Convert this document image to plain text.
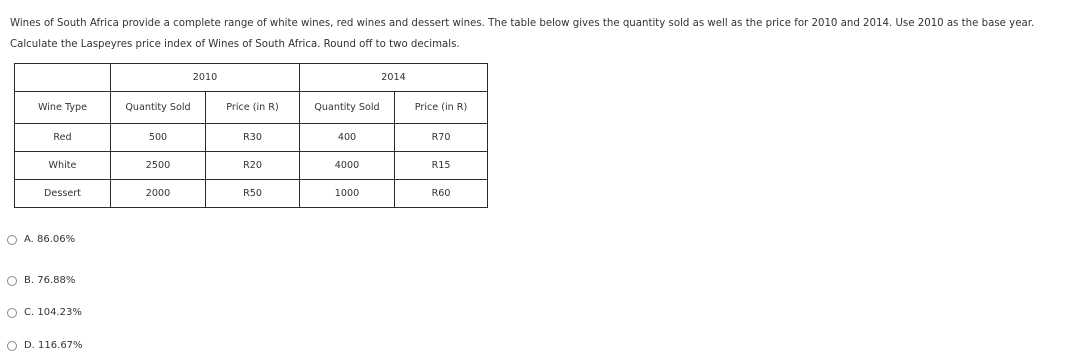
Wines of South Africa provide a complete range of white wines, red wines and dessert wines. The table below gives the quantity sold as well as the price for 2010 and 2014. Use 2010 as the base year. Calculate the Laspeyres price index of Wines of South Africa. Round off to two decimals.
	2010		2014	
Wine Type	Quantity Sold	Price (in R)	Quantity Sold	Price (in R)
Red	500	R30	400	R70
White	2500	R20	4000	R15
Dessert	2000	R50	1000	R60
A. 86.06%
B. 76.88%
C. 104.23%
D. 116.67%
